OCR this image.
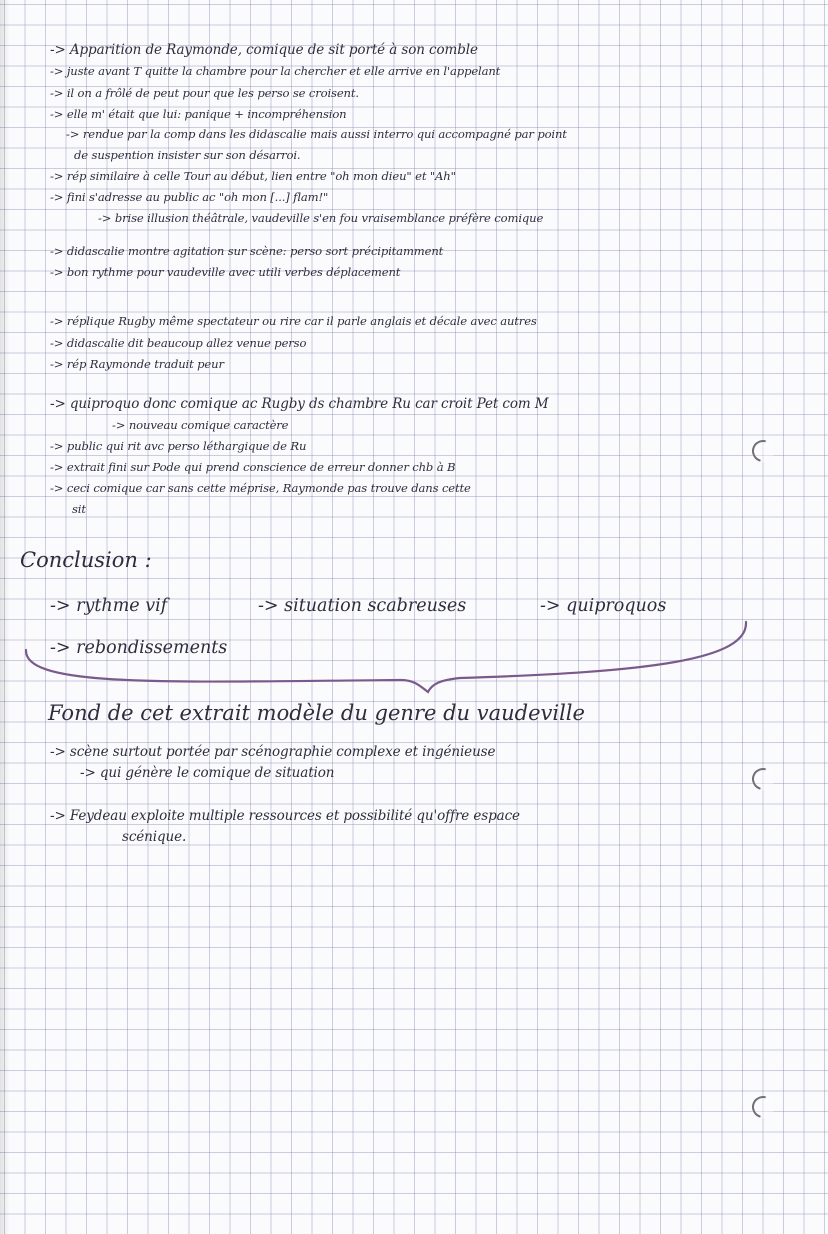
-> Apparition de Raymonde, comique de sit porté à son comble
-> juste avant T quitte la chambre pour la chercher et elle arrive en l'appelant
-> il on a frôlé de peut pour que les perso se croisent.
-> elle m' était que lui: panique + incompréhension
-> rendue par la comp dans les didascalie mais aussi interro qui accompagné par point
de suspention insister sur son désarroi.
-> rép similaire à celle Tour au début, lien entre "oh mon dieu" et "Ah"
-> fini s'adresse au public ac "oh mon [...] flam!"
-> brise illusion théâtrale, vaudeville s'en fou vraisemblance préfère comique
-> didascalie montre agitation sur scène: perso sort précipitamment
-> bon rythme pour vaudeville avec utili verbes déplacement
-> réplique Rugby même spectateur ou rire car il parle anglais et décale avec autres
-> didascalie dit beaucoup allez venue perso
-> rép Raymonde traduit peur
-> quiproquo donc comique ac Rugby ds chambre Ru car croit Pet com M
-> nouveau comique caractère
-> public qui rit avc perso léthargique de Ru
-> extrait fini sur Pode qui prend conscience de erreur donner chb à B
-> ceci comique car sans cette méprise, Raymonde pas trouve dans cette
sit
Conclusion :
-> rythme vif	-> situation scabreuses	-> quiproquos
-> rebondissements
Fond de cet extrait modèle du genre du vaudeville
-> scène surtout portée par scénographie complexe et ingénieuse
-> qui génère le comique de situation
-> Feydeau exploite multiple ressources et possibilité qu'offre espace
scénique.
